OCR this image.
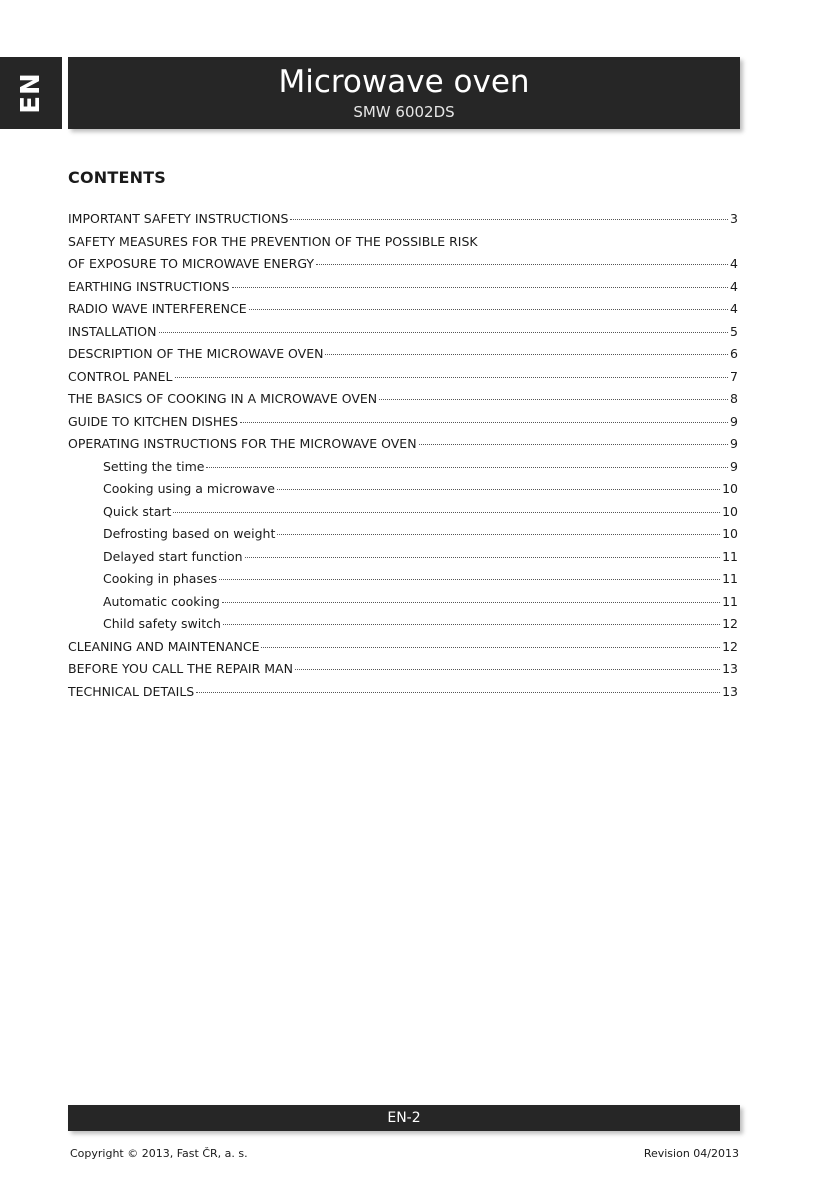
EN	Microwave oven
SMW 6002DS
CONTENTS
IMPORTANT SAFETY INSTRUCTIONS	3
SAFETY MEASURES FOR THE PREVENTION OF THE POSSIBLE RISK
OF EXPOSURE TO MICROWAVE ENERGY	4
EARTHING INSTRUCTIONS	4
RADIO WAVE INTERFERENCE	4
INSTALLATION	5
DESCRIPTION OF THE MICROWAVE OVEN	6
CONTROL PANEL	7
THE BASICS OF COOKING IN A MICROWAVE OVEN	8
GUIDE TO KITCHEN DISHES	9
OPERATING INSTRUCTIONS FOR THE MICROWAVE OVEN	9
Setting the time	9
Cooking using a microwave	10
Quick start	10
Defrosting based on weight	10
Delayed start function	11
Cooking in phases	11
Automatic cooking	11
Child safety switch	12
CLEANING AND MAINTENANCE	12
BEFORE YOU CALL THE REPAIR MAN	13
TECHNICAL DETAILS	13
EN-2
Copyright © 2013, Fast ČR, a. s.	Revision 04/2013
